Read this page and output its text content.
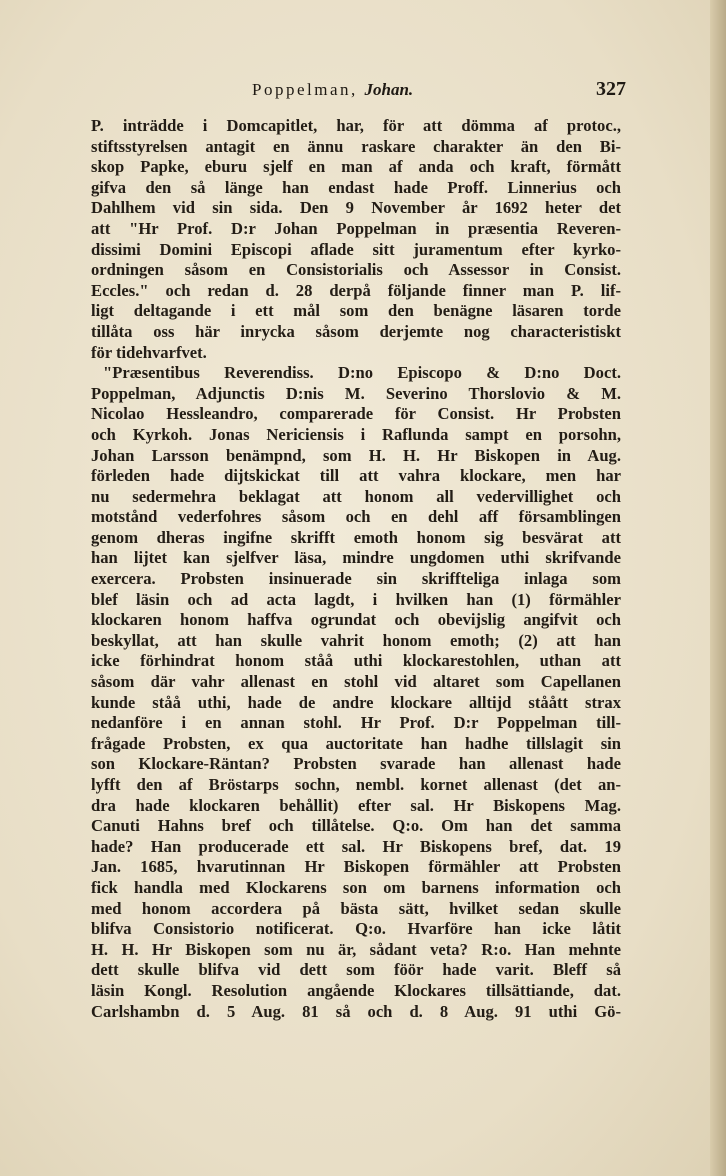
Poppelman, Johan.	327
P. inträdde i Domcapitlet, har, för att dömma af protoc.,
stiftsstyrelsen antagit en ännu raskare charakter än den Bi-
skop Papke, eburu sjelf en man af anda och kraft, förmått
gifva den så länge han endast hade Proff. Linnerius och
Dahlhem vid sin sida. Den 9 November år 1692 heter det
att "Hr Prof. D:r Johan Poppelman in præsentia Reveren-
dissimi Domini Episcopi aflade sitt juramentum efter kyrko-
ordningen såsom en Consistorialis och Assessor in Consist.
Eccles." och redan d. 28 derpå följande finner man P. lif-
ligt deltagande i ett mål som den benägne läsaren torde
tillåta oss här inrycka såsom derjemte nog characteristiskt
för tidehvarfvet.
"Præsentibus Reverendiss. D:no Episcopo & D:no Doct.
Poppelman, Adjunctis D:nis M. Severino Thorslovio & M.
Nicolao Hessleandro, comparerade för Consist. Hr Probsten
och Kyrkoh. Jonas Nericiensis i Raflunda sampt en porsohn,
Johan Larsson benämpnd, som H. H. Hr Biskopen in Aug.
förleden hade dijtskickat till att vahra klockare, men har
nu sedermehra beklagat att honom all vedervillighet och
motstånd vederfohres såsom och en dehl aff församblingen
genom dheras ingifne skrifft emoth honom sig besvärat att
han lijtet kan sjelfver läsa, mindre ungdomen uthi skrifvande
exercera. Probsten insinuerade sin skriffteliga inlaga som
blef läsin och ad acta lagdt, i hvilken han (1) förmähler
klockaren honom haffva ogrundat och obevijslig angifvit och
beskyllat, att han skulle vahrit honom emoth; (2) att han
icke förhindrat honom ståå uthi klockarestohlen, uthan att
såsom där vahr allenast en stohl vid altaret som Capellanen
kunde ståå uthi, hade de andre klockare alltijd ståått strax
nedanföre i en annan stohl. Hr Prof. D:r Poppelman till-
frågade Probsten, ex qua auctoritate han hadhe tillslagit sin
son Klockare-Räntan? Probsten svarade han allenast hade
lyfft den af Bröstarps sochn, nembl. kornet allenast (det an-
dra hade klockaren behållit) efter sal. Hr Biskopens Mag.
Canuti Hahns bref och tillåtelse. Q:o. Om han det samma
hade? Han producerade ett sal. Hr Biskopens bref, dat. 19
Jan. 1685, hvarutinnan Hr Biskopen förmähler att Probsten
fick handla med Klockarens son om barnens information och
med honom accordera på bästa sätt, hvilket sedan skulle
blifva Consistorio notificerat. Q:o. Hvarföre han icke låtit
H. H. Hr Biskopen som nu är, sådant veta? R:o. Han mehnte
dett skulle blifva vid dett som föör hade varit. Bleff så
läsin Kongl. Resolution angående Klockares tillsättiande, dat.
Carlshambn d. 5 Aug. 81 så och d. 8 Aug. 91 uthi Gö-
